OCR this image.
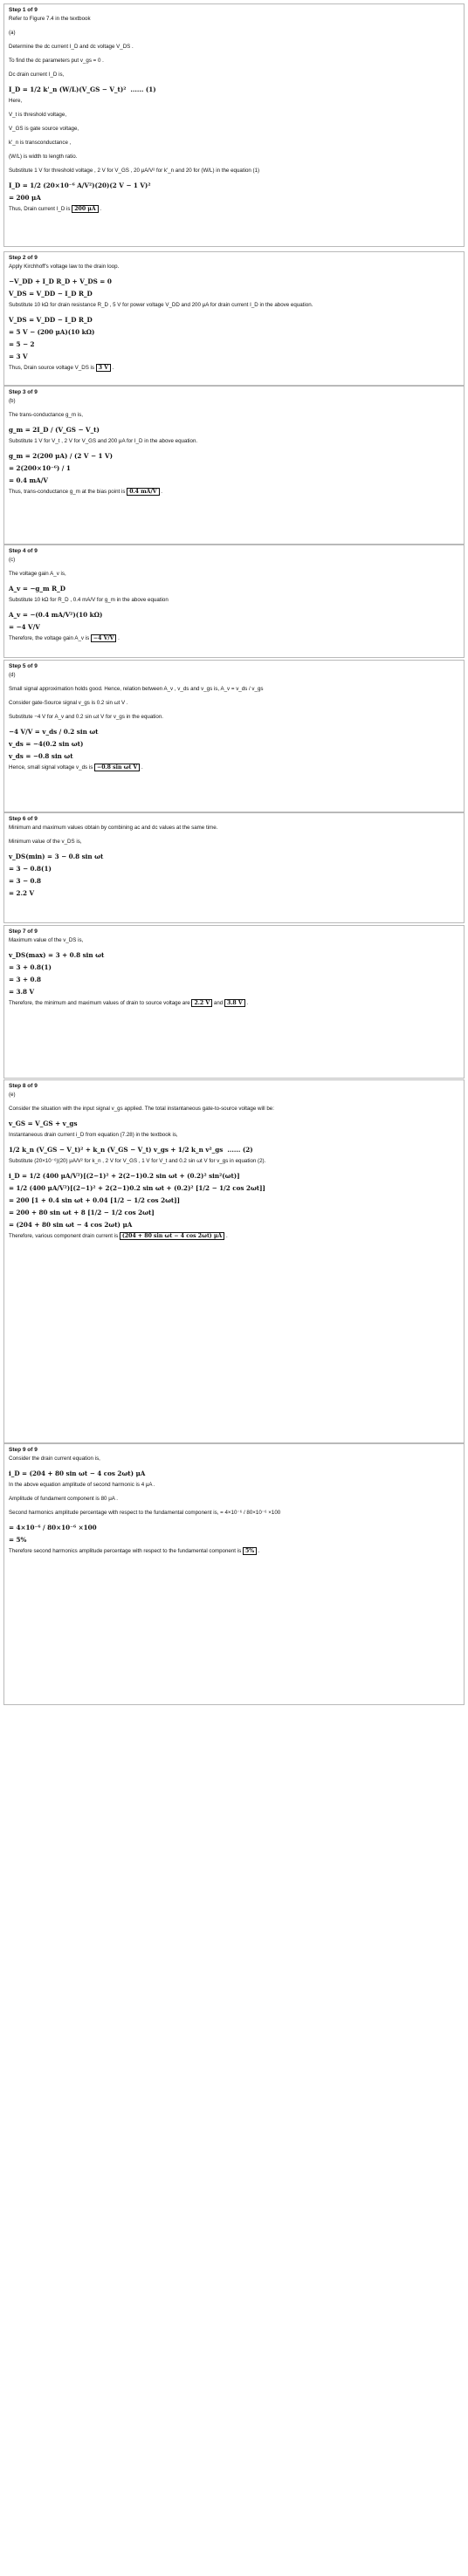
Step 1 of 9

Refer to Figure 7.4 in the textbook

(a)

Determine the dc current I_D and dc voltage V_DS .

To find the dc parameters put v_gs = 0 .

Dc drain current I_D is,

I_D = 1/2 k'_n (W/L)(V_GS − V_t)²  ...... (1)

Here,

V_t is threshold voltage,

V_GS is gate source voltage,

k'_n is transconductance ,

(W/L) is width to length ratio.

Substitute 1 V for threshold voltage , 2 V for V_GS , 20 μA/V² for k'_n and 20 for (W/L) in the equation (1)

I_D = 1/2 (20×10⁻⁶ A/V²)(20)(2 V − 1 V)²

= 200 μA

Thus, Drain current I_D is 200 μA .

Step 2 of 9

Apply Kirchhoff's voltage law to the drain loop.

−V_DD + I_D R_D + V_DS = 0

V_DS = V_DD − I_D R_D

Substitute 10 kΩ for drain resistance R_D , 5 V for power voltage V_DD and 200 μA for drain current I_D in the above equation.

V_DS = V_DD − I_D R_D

= 5 V − (200 μA)(10 kΩ)

= 5 − 2

= 3 V

Thus, Drain source voltage V_DS is 3 V .

Step 3 of 9

(b)

The trans-conductance g_m is,

g_m = 2I_D / (V_GS − V_t)

Substitute 1 V for V_t , 2 V for V_GS and 200 μA for I_D in the above equation.

g_m = 2(200 μA) / (2 V − 1 V)

= 2(200×10⁻⁶) / 1

= 0.4 mA/V

Thus, trans-conductance g_m at the bias point is 0.4 mA/V .

Step 4 of 9

(c)

The voltage gain A_v is,

A_v = −g_m R_D

Substitute 10 kΩ for R_D , 0.4 mA/V for g_m in the above equation

A_v = −(0.4 mA/V²)(10 kΩ)

= −4 V/V

Therefore, the voltage gain A_v is −4 V/V .

Step 5 of 9

(d)

Small signal approximation holds good. Hence, relation between A_v , v_ds and v_gs is, A_v = v_ds / v_gs

Consider gate-Source signal v_gs is 0.2 sin ωt V .

Substitute −4 V for A_v and 0.2 sin ωt V for v_gs in the equation.

−4 V/V = v_ds / 0.2 sin ωt

v_ds = −4(0.2 sin ωt)

v_ds = −0.8 sin ωt

Hence, small signal voltage v_ds is −0.8 sin ωt V .

Step 6 of 9

Minimum and maximum values obtain by combining ac and dc values at the same time.

Minimum value of the v_DS is,

v_DS(min) = 3 − 0.8 sin ωt

= 3 − 0.8(1)

= 3 − 0.8

= 2.2 V

Step 7 of 9

Maximum value of the v_DS is,

v_DS(max) = 3 + 0.8 sin ωt

= 3 + 0.8(1)

= 3 + 0.8

= 3.8 V

Therefore, the minimum and maximum values of drain to source voltage are 2.2 V and 3.8 V .

Step 8 of 9

(e)

Consider the situation with the input signal v_gs applied. The total instantaneous gate-to-source voltage will be:

v_GS = V_GS + v_gs

Instantaneous drain current i_D from equation (7.28) in the textbook is,

1/2 k_n (V_GS − V_t)² + k_n (V_GS − V_t) v_gs + 1/2 k_n v²_gs  ...... (2)

Substitute (20×10⁻⁶)(20) μA/V² for k_n , 2 V for V_GS , 1 V for V_t and 0.2 sin ωt V for v_gs in equation (2).

i_D = 1/2 (400 μA/V²)[(2−1)² + 2(2−1)0.2 sin ωt + (0.2)² sin²(ωt)]

= 1/2 (400 μA/V²)[(2−1)² + 2(2−1)0.2 sin ωt + (0.2)² [1/2 − 1/2 cos 2ωt]]

= 200 [1 + 0.4 sin ωt + 0.04 [1/2 − 1/2 cos 2ωt]]

= 200 + 80 sin ωt + 8 [1/2 − 1/2 cos 2ωt]

= (204 + 80 sin ωt − 4 cos 2ωt) μA

Therefore, various component drain current is (204 + 80 sin ωt − 4 cos 2ωt) μA .

Step 9 of 9

Consider the drain current equation is,

i_D = (204 + 80 sin ωt − 4 cos 2ωt) μA

In the above equation amplitude of second harmonic is 4 μA .

Amplitude of fundament component is 80 μA .

Second harmonics amplitude percentage with respect to the fundamental component is, = 4×10⁻⁶ / 80×10⁻⁶ ×100

= 4×10⁻⁶ / 80×10⁻⁶ ×100

= 5%

Therefore second harmonics amplitude percentage with respect to the fundamental component is 5% .
